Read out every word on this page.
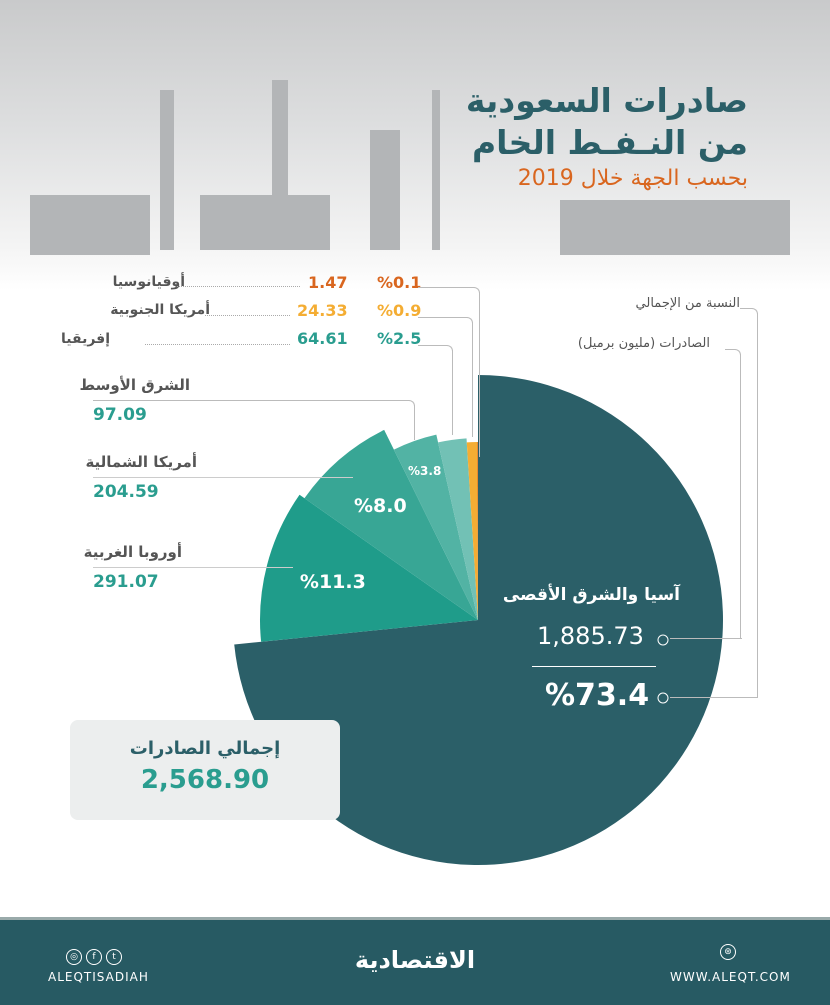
صادرات السعودية
من النـفـط الخام
بحسب الجهة خلال 2019
%11.3
%8.0
%3.8
أوقيانوسيا	1.47 %0.1
أمريكا الجنوبية	24.33 %0.9
إفريقيا	64.61 %2.5
الشرق الأوسط
97.09
أمريكا الشمالية
204.59
أوروبا الغربية
291.07
النسبة من الإجمالي
الصادرات (مليون برميل)
آسيا والشرق الأقصى
1,885.73
%73.4
إجمالي الصادرات
2,568.90
◎ f t
ALEQTISADIAH
الاقتصادية	⊛
WWW.ALEQT.COM
